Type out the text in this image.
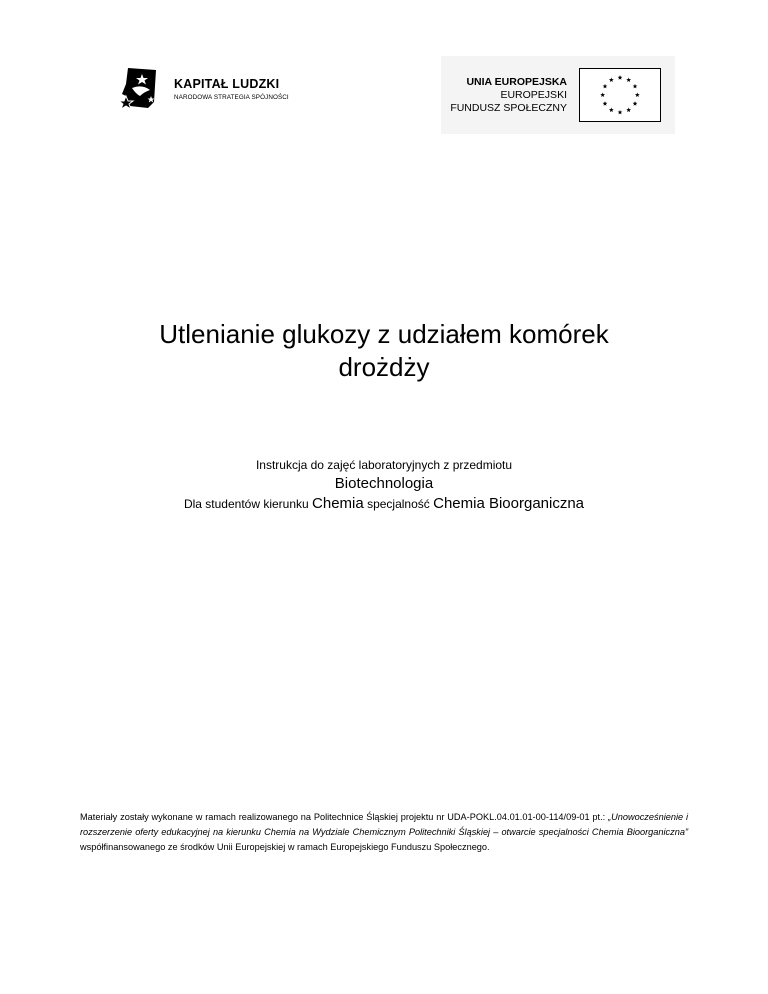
KAPITAŁ LUDZKI
NARODOWA STRATEGIA SPÓJNOŚCI
UNIA EUROPEJSKA
EUROPEJSKI
FUNDUSZ SPOŁECZNY
Utlenianie glukozy z udziałem komórek
drożdży

Instrukcja do zajęć laboratoryjnych z przedmiotu

Biotechnologia

Dla studentów kierunku Chemia specjalność Chemia Bioorganiczna

Materiały zostały wykonane w ramach realizowanego na Politechnice Śląskiej projektu nr UDA-POKL.04.01.01-00-114/09-01 pt.: „Unowocześnienie i rozszerzenie oferty edukacyjnej na kierunku Chemia na Wydziale Chemicznym Politechniki Śląskiej – otwarcie specjalności Chemia Bioorganiczna” współfinansowanego ze środków Unii Europejskiej w ramach Europejskiego Funduszu Społecznego.
